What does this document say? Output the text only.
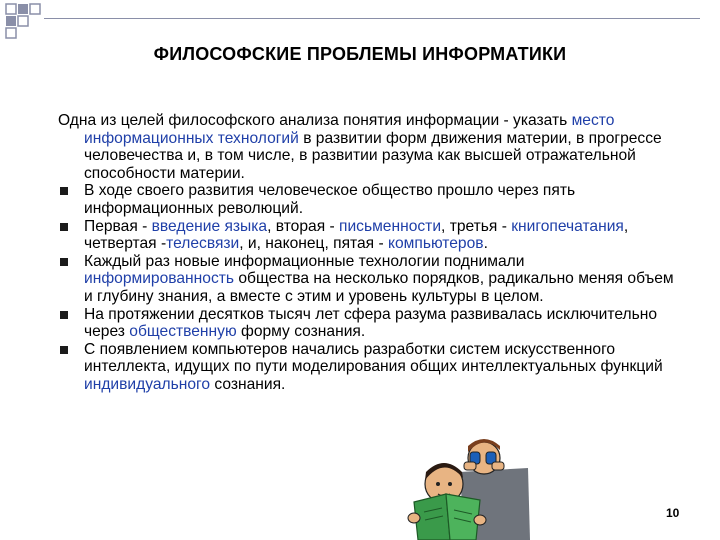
ФИЛОСОФСКИЕ ПРОБЛЕМЫ ИНФОРМАТИКИ

Одна из целей философского анализа понятия информации - указать место информационных технологий в развитии форм движения материи, в прогрессе человечества и, в том числе, в развитии разума как высшей отражательной способности материи.

В ходе своего развития человеческое общество прошло через пять информационных революций.
Первая - введение языка, вторая - письменности, третья - книгопечатания, четвертая -телесвязи, и, наконец, пятая - компьютеров.
Каждый раз новые информационные технологии поднимали информированность общества на несколько порядков, радикально меняя объем и глубину знания, а вместе с этим и уровень культуры в целом.
На протяжении десятков тысяч лет сфера разума развивалась исключительно через общественную форму сознания.
С появлением компьютеров начались разработки систем искусственного интеллекта, идущих по пути моделирования общих интеллектуальных функций индивидуального сознания.
10
